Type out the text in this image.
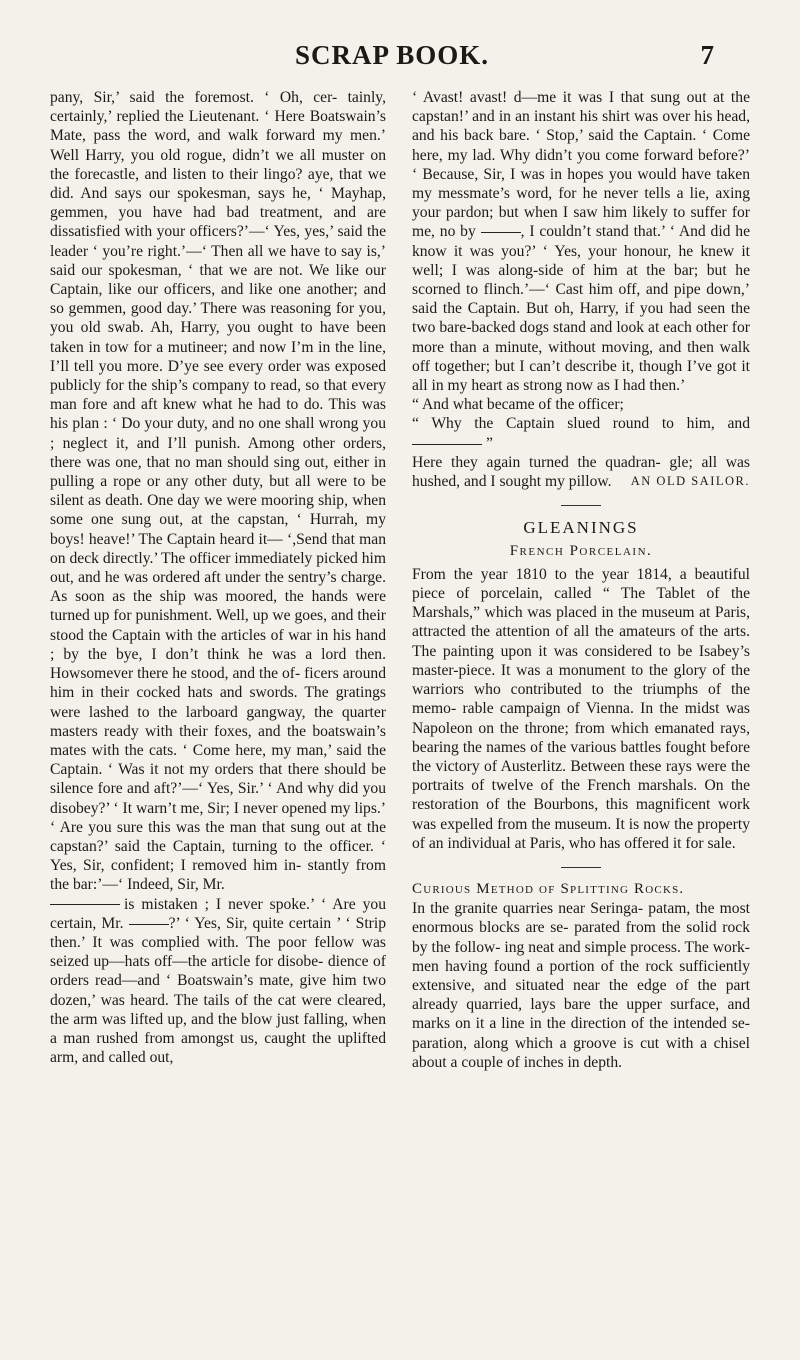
SCRAP BOOK.	7

pany, Sir,’ said the foremost. ‘ Oh, cer- tainly, certainly,’ replied the Lieutenant. ‘ Here Boatswain’s Mate, pass the word, and walk forward my men.’ Well Harry, you old rogue, didn’t we all muster on the forecastle, and listen to their lingo? aye, that we did. And says our spokesman, says he, ‘ Mayhap, gemmen, you have had bad treatment, and are dissatisfied with your officers?’—‘ Yes, yes,’ said the leader ‘ you’re right.’—‘ Then all we have to say is,’ said our spokesman, ‘ that we are not. We like our Captain, like our officers, and like one another; and so gemmen, good day.’ There was reasoning for you, you old swab. Ah, Harry, you ought to have been taken in tow for a mutineer; and now I’m in the line, I’ll tell you more. D’ye see every order was exposed publicly for the ship’s company to read, so that every man fore and aft knew what he had to do. This was his plan : ‘ Do your duty, and no one shall wrong you ; neglect it, and I’ll punish. Among other orders, there was one, that no man should sing out, either in pulling a rope or any other duty, but all were to be silent as death. One day we were mooring ship, when some one sung out, at the capstan, ‘ Hurrah, my boys! heave!’ The Captain heard it— ‘,Send that man on deck directly.’ The officer immediately picked him out, and he was ordered aft under the sentry’s charge. As soon as the ship was moored, the hands were turned up for punishment. Well, up we goes, and their stood the Captain with the articles of war in his hand ; by the bye, I don’t think he was a lord then. Howsomever there he stood, and the of- ficers around him in their cocked hats and swords. The gratings were lashed to the larboard gangway, the quarter masters ready with their foxes, and the boatswain’s mates with the cats. ‘ Come here, my man,’ said the Captain. ‘ Was it not my orders that there should be silence fore and aft?’—‘ Yes, Sir.’ ‘ And why did you disobey?’ ‘ It warn’t me, Sir; I never opened my lips.’ ‘ Are you sure this was the man that sung out at the capstan?’ said the Captain, turning to the officer. ‘ Yes, Sir, confident; I removed him in- stantly from the bar:’—‘ Indeed, Sir, Mr.

is mistaken ; I never spoke.’ ‘ Are you certain, Mr.	?’ ‘ Yes, Sir, quite certain ’ ‘ Strip then.’ It was complied with. The poor fellow was seized up—hats off—the article for disobe- dience of orders read—and ‘ Boatswain’s mate, give him two dozen,’ was heard. The tails of the cat were cleared, the arm was lifted up, and the blow just falling, when a man rushed from amongst us, caught the uplifted arm, and called out,

‘ Avast! avast! d—me it was I that sung out at the capstan!’ and in an instant his shirt was over his head, and his back bare. ‘ Stop,’ said the Captain. ‘ Come here, my lad. Why didn’t you come forward before?’ ‘ Because, Sir, I was in hopes you would have taken my messmate’s word, for he never tells a lie, axing your pardon; but when I saw him likely to suffer for me, no by	, I couldn’t stand that.’ ‘ And did he know it was you?’ ‘ Yes, your honour, he knew it well; I was along-side of him at the bar; but he scorned to flinch.’—‘ Cast him off, and pipe down,’ said the Captain. But oh, Harry, if you had seen the two bare-backed dogs stand and look at each other for more than a minute, without moving, and then walk off together; but I can’t describe it, though I’ve got it all in my heart as strong now as I had then.’

“ And what became of the officer;

“ Why the Captain slued round to him, and ”

Here they again turned the quadran- gle; all was hushed, and I sought my pillow.	AN OLD SAILOR.
GLEANINGS
French Porcelain.

From the year 1810 to the year 1814, a beautiful piece of porcelain, called “ The Tablet of the Marshals,” which was placed in the museum at Paris, attracted the attention of all the amateurs of the arts. The painting upon it was considered to be Isabey’s master-piece. It was a monument to the glory of the warriors who contributed to the triumphs of the memo- rable campaign of Vienna. In the midst was Napoleon on the throne; from which emanated rays, bearing the names of the various battles fought before the victory of Austerlitz. Between these rays were the portraits of twelve of the French marshals. On the restoration of the Bourbons, this magnificent work was expelled from the museum. It is now the property of an individual at Paris, who has offered it for sale.

Curious Method of Splitting Rocks.

In the granite quarries near Seringa- patam, the most enormous blocks are se- parated from the solid rock by the follow- ing neat and simple process. The work- men having found a portion of the rock sufficiently extensive, and situated near the edge of the part already quarried, lays bare the upper surface, and marks on it a line in the direction of the intended se- paration, along which a groove is cut with a chisel about a couple of inches in depth.
